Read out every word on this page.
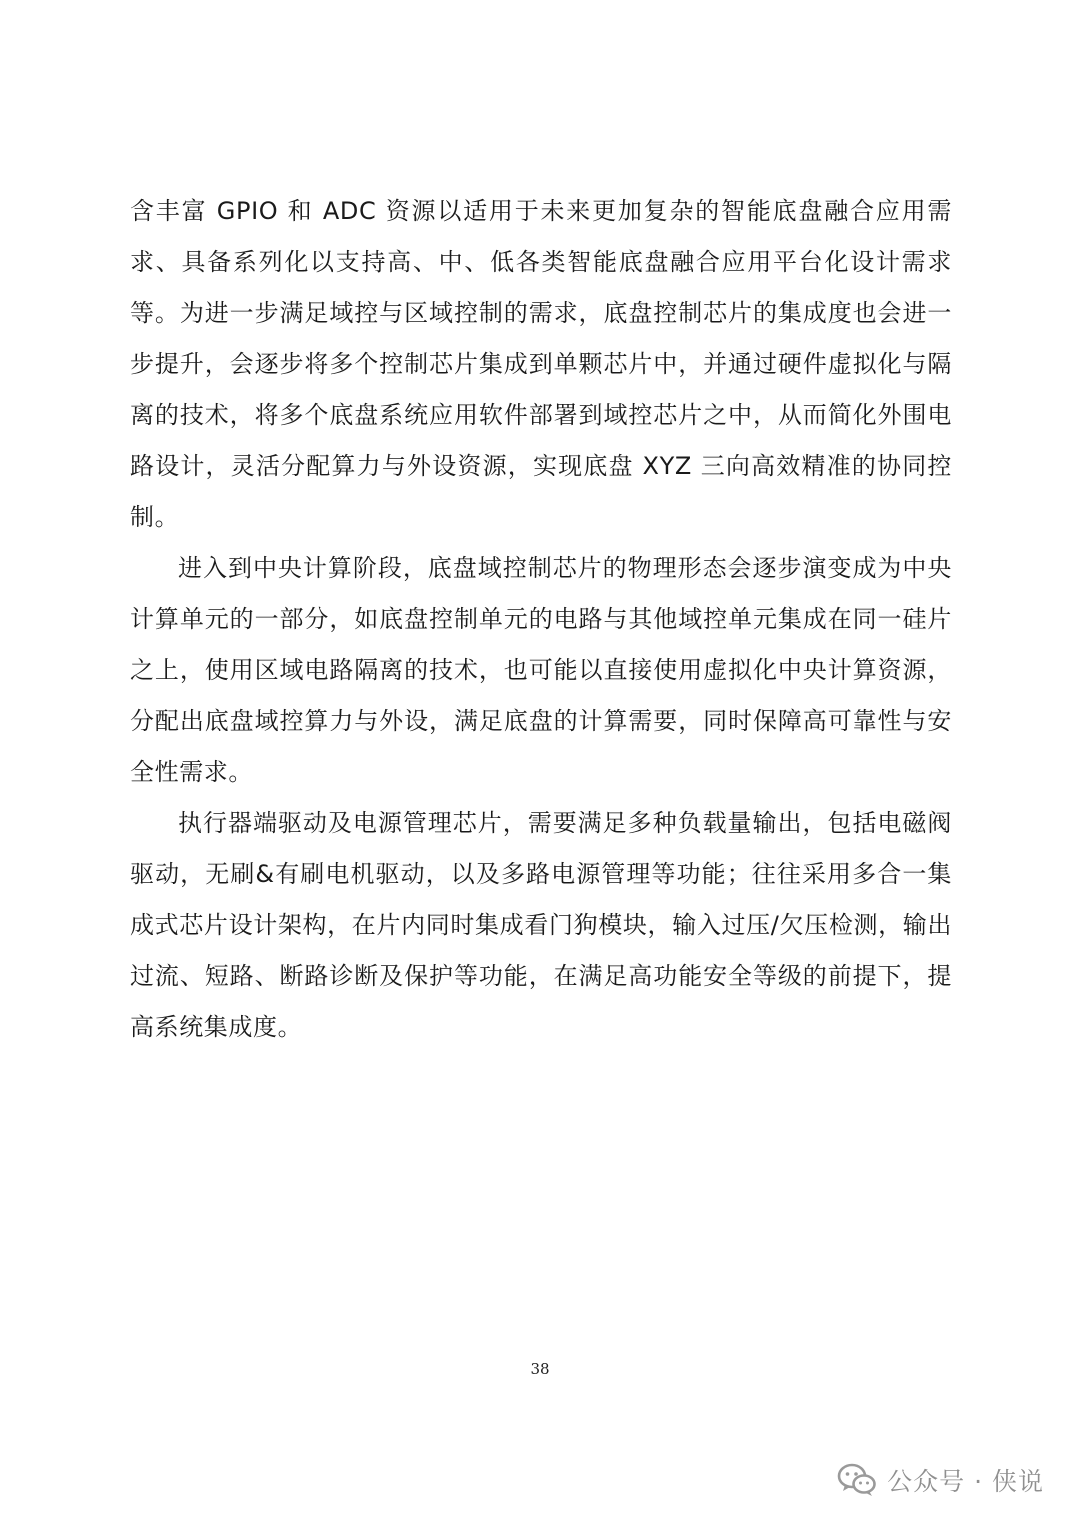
含丰富 GPIO 和 ADC 资源以适用于未来更加复杂的智能底盘融合应用需求、具备系列化以支持高、中、低各类智能底盘融合应用平台化设计需求等。为进一步满足域控与区域控制的需求，底盘控制芯片的集成度也会进一步提升，会逐步将多个控制芯片集成到单颗芯片中，并通过硬件虚拟化与隔离的技术，将多个底盘系统应用软件部署到域控芯片之中，从而简化外围电路设计，灵活分配算力与外设资源，实现底盘 XYZ 三向高效精准的协同控制。

进入到中央计算阶段，底盘域控制芯片的物理形态会逐步演变成为中央计算单元的一部分，如底盘控制单元的电路与其他域控单元集成在同一硅片之上，使用区域电路隔离的技术，也可能以直接使用虚拟化中央计算资源，分配出底盘域控算力与外设，满足底盘的计算需要，同时保障高可靠性与安全性需求。

执行器端驱动及电源管理芯片，需要满足多种负载量输出，包括电磁阀驱动，无刷&有刷电机驱动，以及多路电源管理等功能；往往采用多合一集成式芯片设计架构，在片内同时集成看门狗模块，输入过压/欠压检测，输出过流、短路、断路诊断及保护等功能，在满足高功能安全等级的前提下，提高系统集成度。

38
公众号 · 侠说
